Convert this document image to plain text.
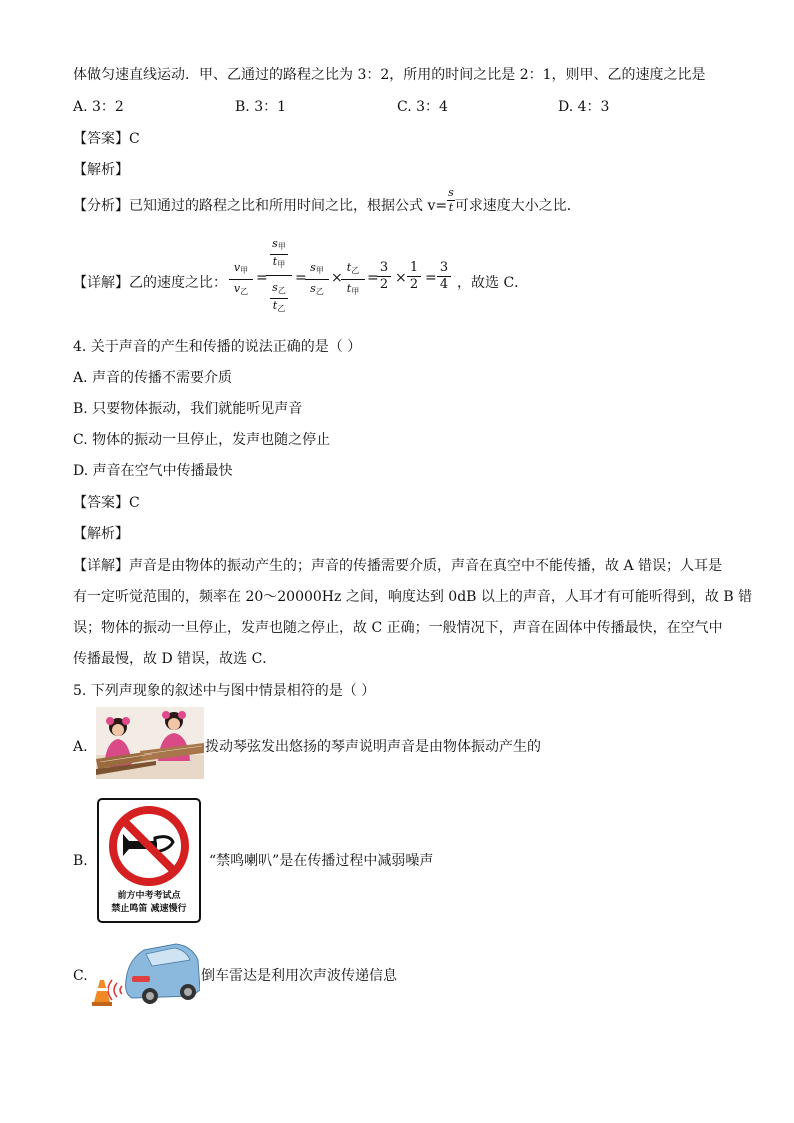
体做匀速直线运动．甲、乙通过的路程之比为 3：2，所用的时间之比是 2：1，则甲、乙的速度之比是
A. 3：2	B. 3：1	C. 3：4	D. 4：3
【答案】C
【解析】
【分析】已知通过的路程之比和所用时间之比，根据公式 $v= \frac{s}{t}$ 可求速度大小之比．
【详解】乙的速度之比：
$v_甲$
$v_乙$
=
$s_甲$
$t_甲$
$s_乙$
$t_乙$
=
$s_甲$
$s_乙$
×
$t_乙$
$t_甲$
=
3
2 ×
1
2 =
3
4 ，故选 C．
4. 关于声音的产生和传播的说法正确的是（ ）
A. 声音的传播不需要介质
B. 只要物体振动，我们就能听见声音
C. 物体的振动一旦停止，发声也随之停止
D. 声音在空气中传播最快
【答案】C
【解析】
【详解】声音是由物体的振动产生的；声音的传播需要介质，声音在真空中不能传播，故 A 错误；人耳是
有一定听觉范围的，频率在 20～20000Hz 之间，响度达到 0dB 以上的声音，人耳才有可能听得到，故 B 错
误；物体的振动一旦停止，发声也随之停止，故 C 正确；一般情况下，声音在固体中传播最快，在空气中
传播最慢，故 D 错误，故选 C．
5. 下列声现象的叙述中与图中情景相符的是（ ）
A.	拨动琴弦发出悠扬的琴声说明声音是由物体振动产生的
B.
前方中考考试点
禁止鸣笛 减速慢行
“禁鸣喇叭”是在传播过程中减弱噪声
C.	倒车雷达是利用次声波传递信息
